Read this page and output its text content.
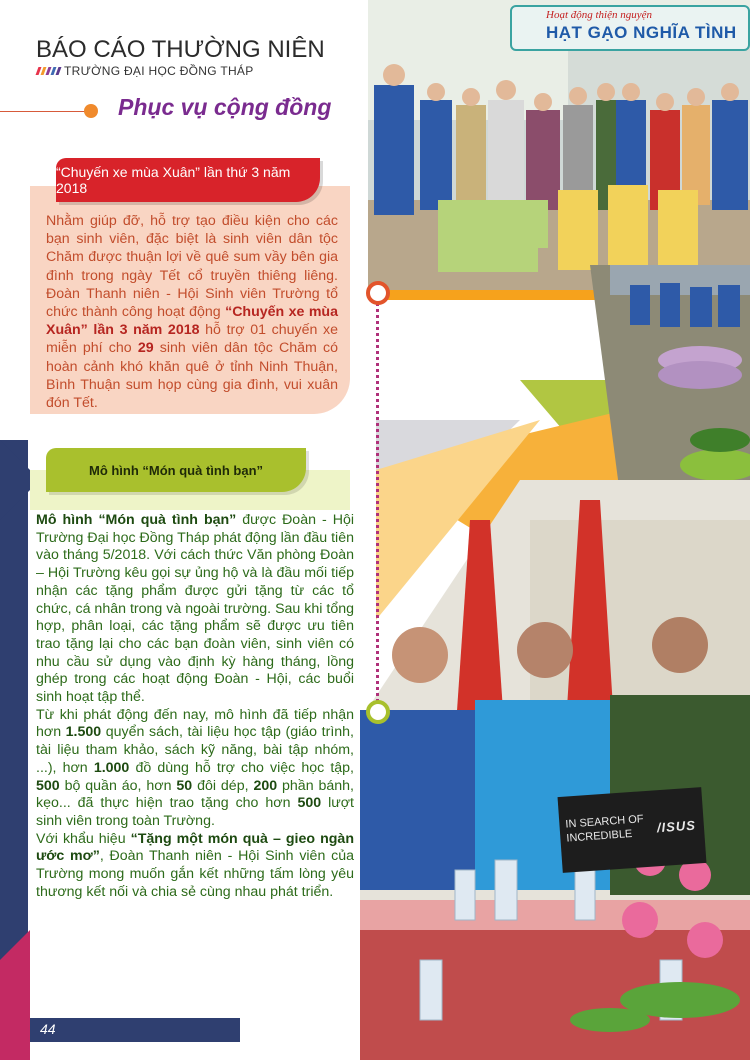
BÁO CÁO THƯỜNG NIÊN
TRƯỜNG ĐẠI HỌC ĐỒNG THÁP
Phục vụ cộng đồng
Hoạt động thiện nguyện
HẠT GẠO NGHĨA TÌNH
IN SEARCH OF
INCREDIBLE
/ISUS
“Chuyến xe mùa Xuân” lần thứ 3 năm 2018
Nhằm giúp đỡ, hỗ trợ tạo điều kiện cho các bạn sinh viên, đặc biệt là sinh viên dân tộc Chăm được thuận lợi về quê sum vầy bên gia đình trong ngày Tết cổ truyền thiêng liêng. Đoàn Thanh niên - Hội Sinh viên Trường tổ chức thành công hoạt động “Chuyến xe mùa Xuân” lần 3 năm 2018 hỗ trợ 01 chuyến xe miễn phí cho 29 sinh viên dân tộc Chăm có hoàn cảnh khó khăn quê ở tỉnh Ninh Thuận, Bình Thuận sum họp cùng gia đình, vui xuân đón Tết.
Mô hình “Món quà tình bạn”

Mô hình “Món quà tình bạn” được Đoàn - Hội Trường Đại học Đồng Tháp phát động lần đầu tiên vào tháng 5/2018. Với cách thức Văn phòng Đoàn – Hội Trường kêu gọi sự ủng hộ và là đầu mối tiếp nhận các tặng phẩm được gửi tặng từ các tổ chức, cá nhân trong và ngoài trường. Sau khi tổng hợp, phân loại, các tặng phẩm sẽ được ưu tiên trao tặng lại cho các bạn đoàn viên, sinh viên có nhu cầu sử dụng vào định kỳ hàng tháng, lồng ghép trong các hoạt động Đoàn - Hội, các buổi sinh hoạt tập thể.

Từ khi phát động đến nay, mô hình đã tiếp nhận hơn 1.500 quyển sách, tài liệu học tập (giáo trình, tài liệu tham khảo, sách kỹ năng, bài tập nhóm, ...), hơn 1.000 đồ dùng hỗ trợ cho việc học tập, 500 bộ quần áo, hơn 50 đôi dép, 200 phần bánh, kẹo... đã thực hiện trao tặng cho hơn 500 lượt sinh viên trong toàn Trường.

Với khẩu hiệu “Tặng một món quà – gieo ngàn ước mơ”, Đoàn Thanh niên - Hội Sinh viên của Trường mong muốn gắn kết những tấm lòng yêu thương kết nối và chia sẻ cùng nhau phát triển.

44
